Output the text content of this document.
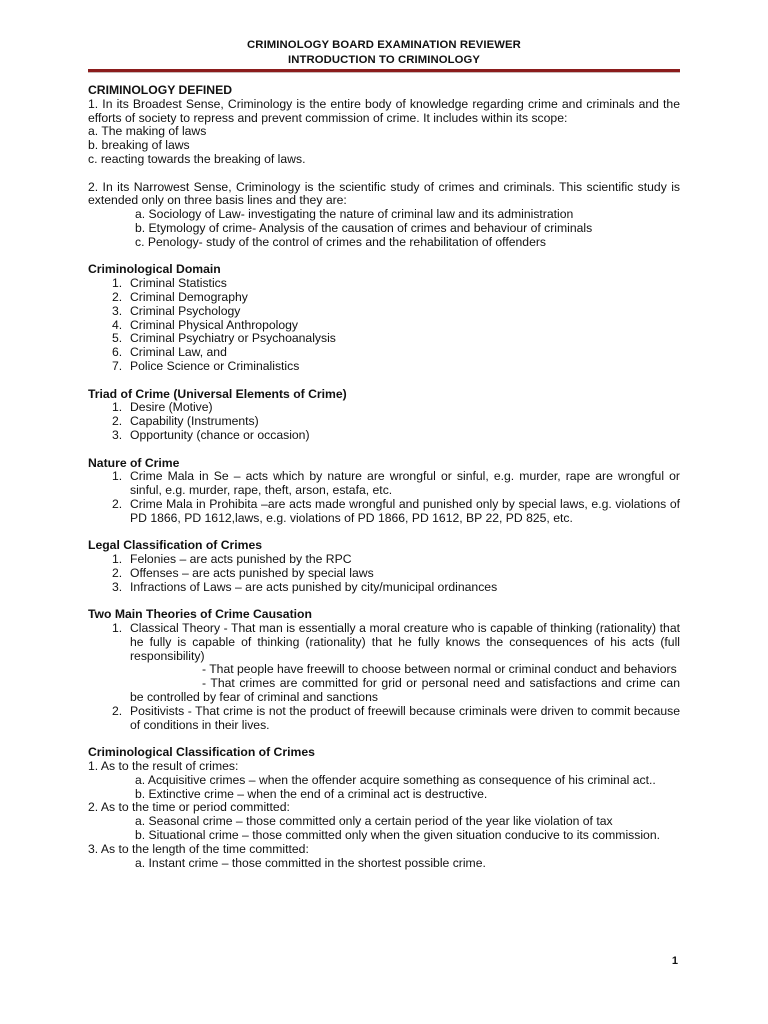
CRIMINOLOGY BOARD EXAMINATION REVIEWER
INTRODUCTION TO CRIMINOLOGY

CRIMINOLOGY DEFINED

1. In its Broadest Sense, Criminology is the entire body of knowledge regarding crime and criminals and the efforts of society to repress and prevent commission of crime. It includes within its scope:

a. The making of laws

b. breaking of laws

c. reacting towards the breaking of laws.

2. In its Narrowest Sense, Criminology is the scientific study of crimes and criminals. This scientific study is extended only on three basis lines and they are:

a. Sociology of Law- investigating the nature of criminal law and its administration

b. Etymology of crime- Analysis of the causation of crimes and behaviour of criminals

c. Penology- study of the control of crimes and the rehabilitation of offenders

Criminological Domain

1. Criminal Statistics
2. Criminal Demography
3. Criminal Psychology
4. Criminal Physical Anthropology
5. Criminal Psychiatry or Psychoanalysis
6. Criminal Law, and
7. Police Science or Criminalistics

Triad of Crime (Universal Elements of Crime)

1. Desire (Motive)
2. Capability (Instruments)
3. Opportunity (chance or occasion)

Nature of Crime

1. Crime Mala in Se – acts which by nature are wrongful or sinful, e.g. murder, rape are wrongful or sinful, e.g. murder, rape, theft, arson, estafa, etc.
2. Crime Mala in Prohibita –are acts made wrongful and punished only by special laws, e.g. violations of PD 1866, PD 1612,laws, e.g. violations of PD 1866, PD 1612, BP 22, PD 825, etc.

Legal Classification of Crimes

1. Felonies – are acts punished by the RPC
2. Offenses – are acts punished by special laws
3. Infractions of Laws – are acts punished by city/municipal ordinances

Two Main Theories of Crime Causation

1. Classical Theory - That man is essentially a moral creature who is capable of thinking (rationality) that he fully is capable of thinking (rationality) that he fully knows the consequences of his acts (full responsibility)
- That people have freewill to choose between normal or criminal conduct and behaviors
- That crimes are committed for grid or personal need and satisfactions and crime can be controlled by fear of criminal and sanctions
2. Positivists - That crime is not the product of freewill because criminals were driven to commit because of conditions in their lives.

Criminological Classification of Crimes

1. As to the result of crimes:

a. Acquisitive crimes – when the offender acquire something as consequence of his criminal act..

b. Extinctive crime – when the end of a criminal act is destructive.

2. As to the time or period committed:

a. Seasonal crime – those committed only a certain period of the year like violation of tax

b. Situational crime – those committed only when the given situation conducive to its commission.

3. As to the length of the time committed:

a. Instant crime – those committed in the shortest possible crime.

1
